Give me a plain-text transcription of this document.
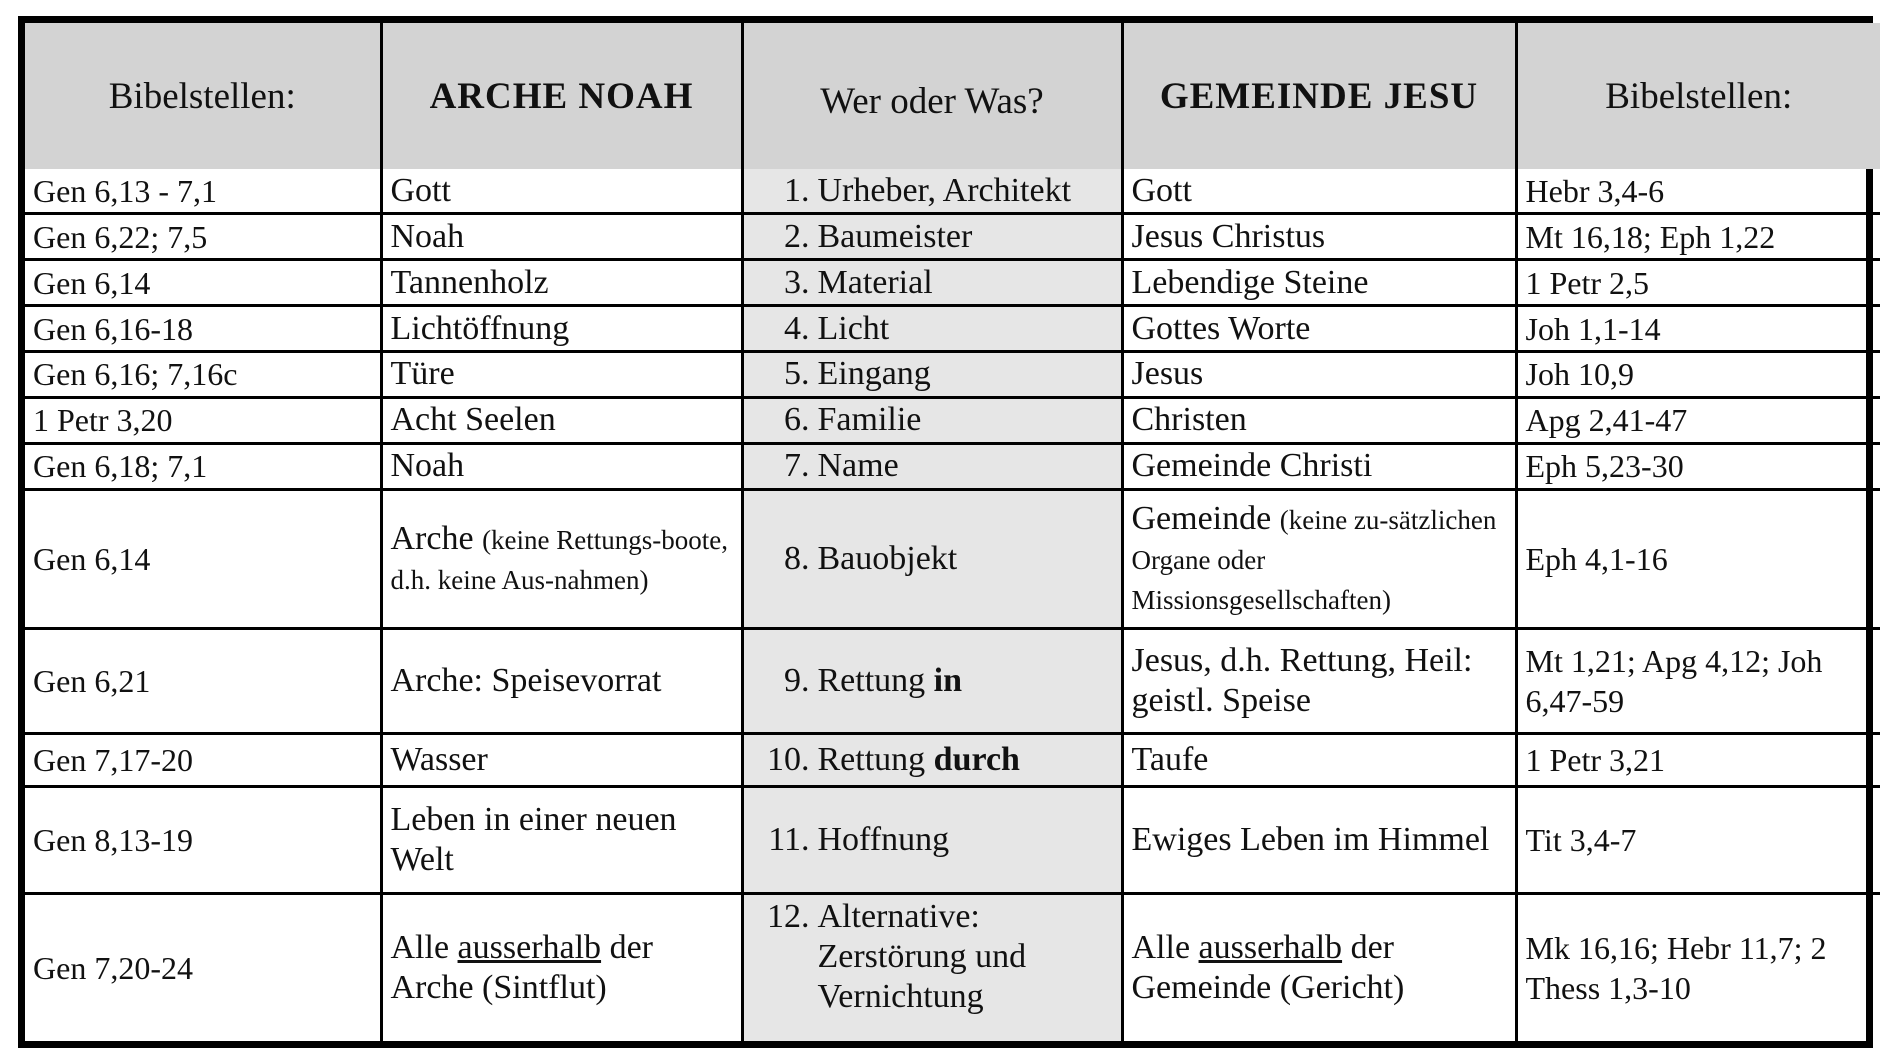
Bibelstellen:	ARCHE NOAH	Wer oder Was?	GEMEINDE JESU	Bibelstellen:
Gen 6,13 - 7,1	Gott	1. Urheber, Architekt	Gott	Hebr 3,4-6
Gen 6,22; 7,5	Noah	2. Baumeister	Jesus Christus	Mt 16,18; Eph 1,22
Gen 6,14	Tannenholz	3. Material	Lebendige Steine	1 Petr 2,5
Gen 6,16-18	Lichtöffnung	4. Licht	Gottes Worte	Joh 1,1-14
Gen 6,16; 7,16c	Türe	5. Eingang	Jesus	Joh 10,9
1 Petr 3,20	Acht Seelen	6. Familie	Christen	Apg 2,41-47
Gen 6,18; 7,1	Noah	7. Name	Gemeinde Christi	Eph 5,23-30
Gen 6,14	Arche (keine Rettungs-boote, d.h. keine Aus-nahmen)	8. Bauobjekt	Gemeinde (keine zu-sätzlichen Organe oder Missionsgesellschaften)	Eph 4,1-16
Gen 6,21	Arche: Speisevorrat	9. Rettung in	Jesus, d.h. Rettung, Heil: geistl. Speise	Mt 1,21; Apg 4,12; Joh 6,47-59
Gen 7,17-20	Wasser	10. Rettung durch	Taufe	1 Petr 3,21
Gen 8,13-19	Leben in einer neuen Welt	11. Hoffnung	Ewiges Leben im Himmel	Tit 3,4-7
Gen 7,20-24	Alle ausserhalb der Arche (Sintflut)	12. Alternative: Zerstörung und Vernichtung	Alle ausserhalb der Gemeinde (Gericht)	Mk 16,16; Hebr 11,7; 2 Thess 1,3-10
